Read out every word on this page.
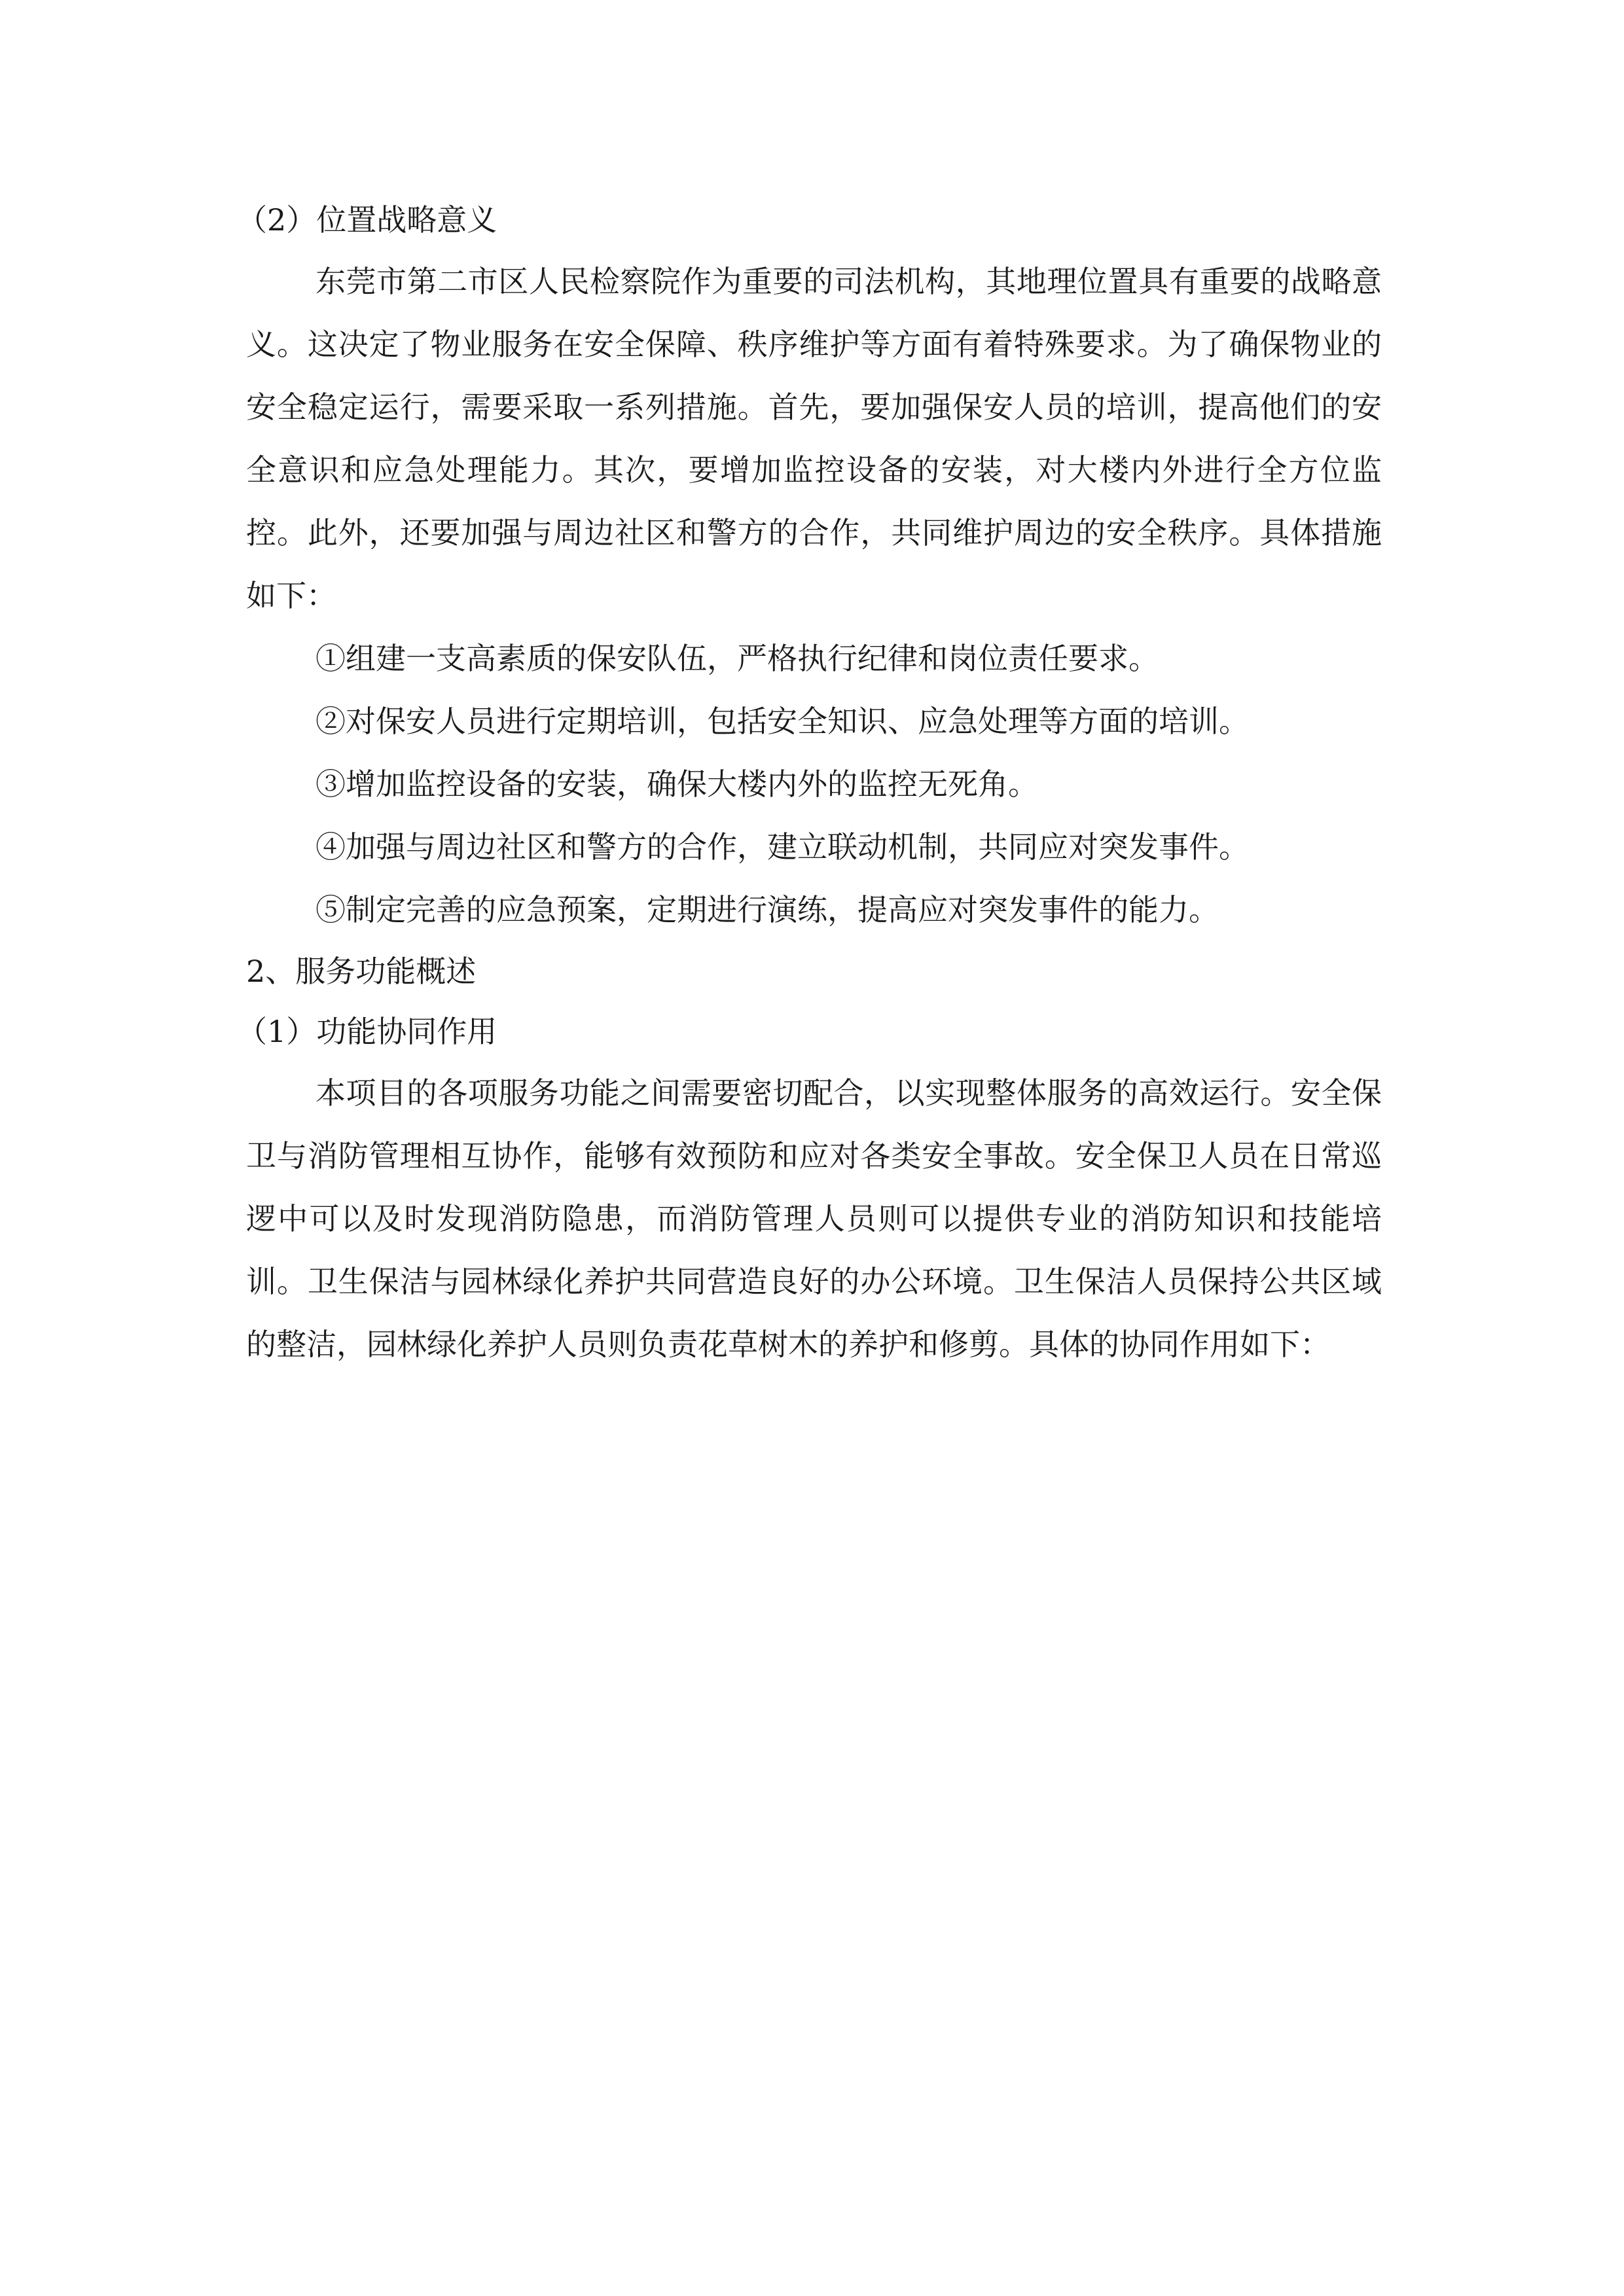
（2）位置战略意义

东莞市第二市区人民检察院作为重要的司法机构，其地理位置具有重要的战略意义。这决定了物业服务在安全保障、秩序维护等方面有着特殊要求。为了确保物业的安全稳定运行，需要采取一系列措施。首先，要加强保安人员的培训，提高他们的安全意识和应急处理能力。其次，要增加监控设备的安装，对大楼内外进行全方位监控。此外，还要加强与周边社区和警方的合作，共同维护周边的安全秩序。具体措施如下：

①组建一支高素质的保安队伍，严格执行纪律和岗位责任要求。

②对保安人员进行定期培训，包括安全知识、应急处理等方面的培训。

③增加监控设备的安装，确保大楼内外的监控无死角。

④加强与周边社区和警方的合作，建立联动机制，共同应对突发事件。

⑤制定完善的应急预案，定期进行演练，提高应对突发事件的能力。

2、服务功能概述

（1）功能协同作用

本项目的各项服务功能之间需要密切配合，以实现整体服务的高效运行。安全保卫与消防管理相互协作，能够有效预防和应对各类安全事故。安全保卫人员在日常巡逻中可以及时发现消防隐患，而消防管理人员则可以提供专业的消防知识和技能培训。卫生保洁与园林绿化养护共同营造良好的办公环境。卫生保洁人员保持公共区域的整洁，园林绿化养护人员则负责花草树木的养护和修剪。具体的协同作用如下：
